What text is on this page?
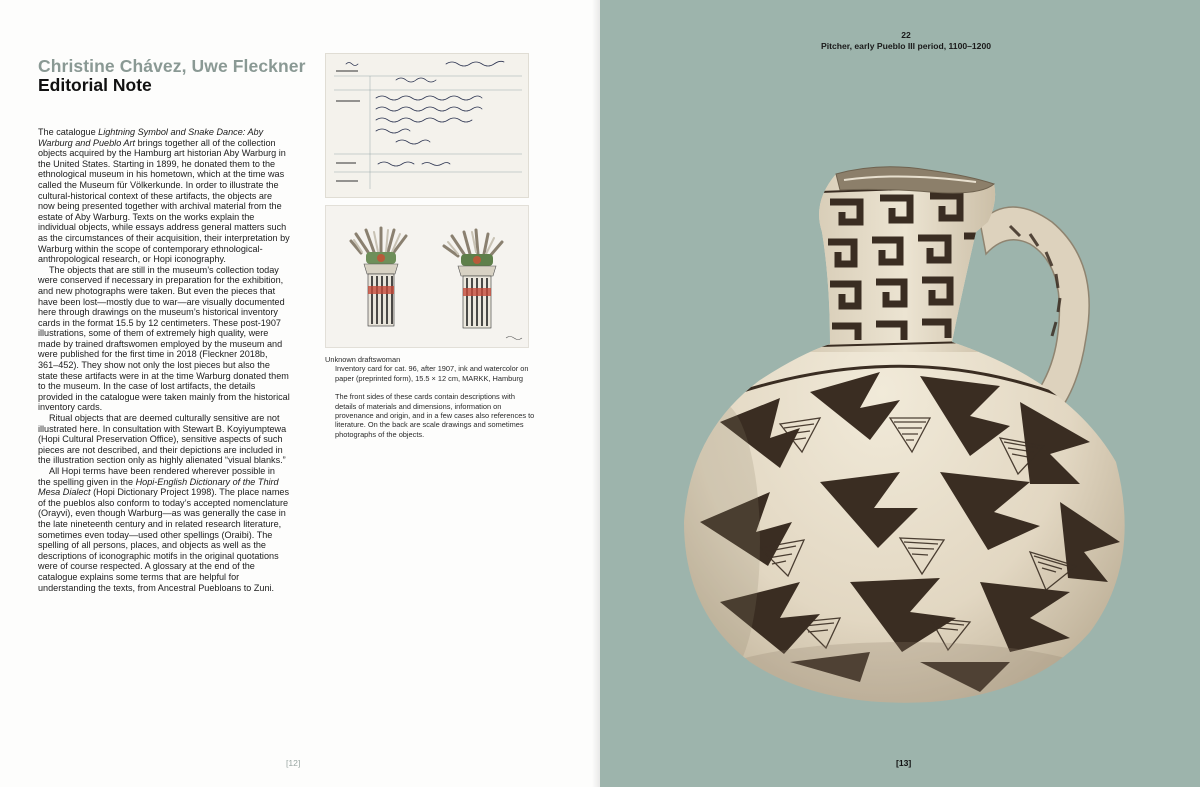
Christine Chávez, Uwe Fleckner
Editorial Note

The catalogue Lightning Symbol and Snake Dance: Aby Warburg and Pueblo Art brings together all of the collection objects acquired by the Hamburg art historian Aby Warburg in the United States. Starting in 1899, he donated them to the ethnological museum in his hometown, which at the time was called the Museum für Völkerkunde. In order to illustrate the cultural-historical context of these artifacts, the objects are now being presented together with archival material from the estate of Aby Warburg. Texts on the works explain the individual objects, while essays address general matters such as the circumstances of their acquisition, their interpretation by Warburg within the scope of contemporary ethnological-anthropological research, or Hopi iconography.

The objects that are still in the museum’s collection today were conserved if necessary in preparation for the exhibition, and new photographs were taken. But even the pieces that have been lost—mostly due to war—are visually documented here through drawings on the museum’s historical inventory cards in the format 15.5 by 12 centimeters. These post-1907 illustrations, some of them of extremely high quality, were made by trained draftswomen employed by the museum and were published for the first time in 2018 (Fleckner 2018b, 361–452). They show not only the lost pieces but also the state these artifacts were in at the time Warburg donated them to the museum. In the case of lost artifacts, the details provided in the catalogue were taken mainly from the historical inventory cards.

Ritual objects that are deemed culturally sensitive are not illustrated here. In consultation with Stewart B. Koyiyumptewa (Hopi Cultural Preservation Office), sensitive aspects of such pieces are not described, and their depictions are included in the illustration section only as highly alienated “visual blanks.”

All Hopi terms have been rendered wherever possible in the spelling given in the Hopi-English Dictionary of the Third Mesa Dialect (Hopi Dictionary Project 1998). The place names of the pueblos also conform to today’s accepted nomenclature (Orayvi), even though Warburg—as was generally the case in the late nineteenth century and in related research literature, sometimes even today—used other spellings (Oraibi). The spelling of all persons, places, and objects as well as the descriptions of iconographic motifs in the original quotations were of course respected. A glossary at the end of the catalogue explains some terms that are helpful for understanding the texts, from Ancestral Puebloans to Zuni.

Unknown draftswoman
Inventory card for cat. 96, after 1907, ink and watercolor on paper (preprinted form), 15.5 × 12 cm, MARKK, Hamburg
The front sides of these cards contain descriptions with details of materials and dimensions, information on provenance and origin, and in a few cases also references to literature. On the back are scale drawings and sometimes photographs of the objects.
[12]
22
Pitcher, early Pueblo III period, 1100–1200
[13]
